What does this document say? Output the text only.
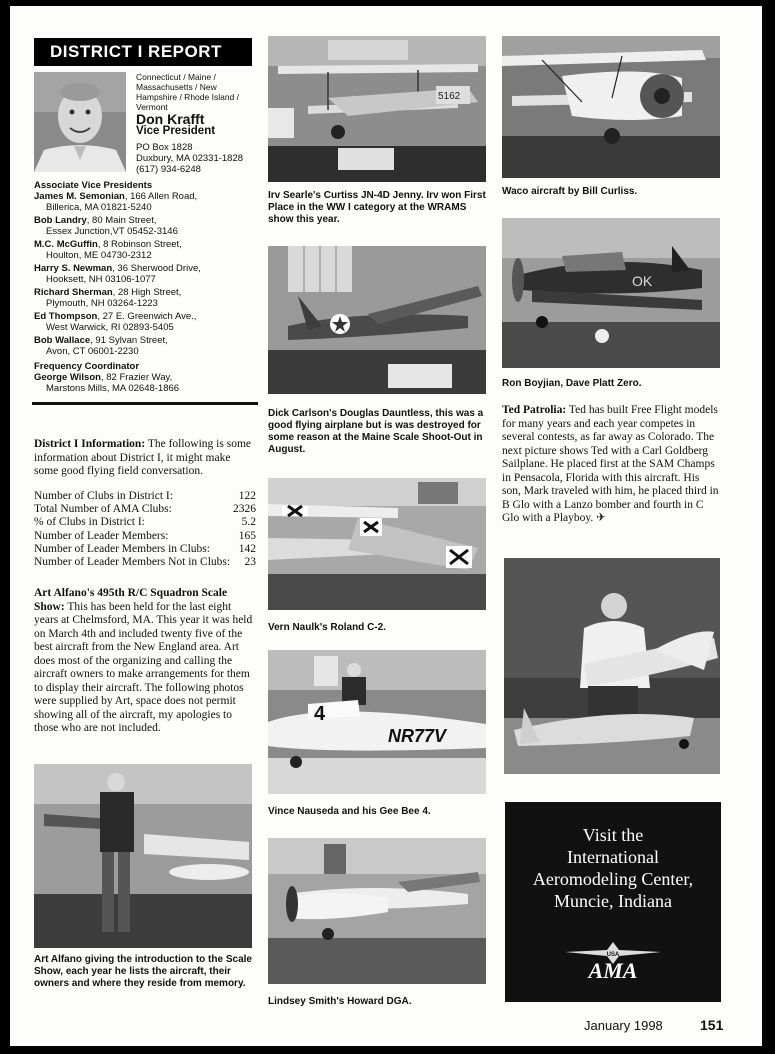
DISTRICT I REPORT
Connecticut / Maine / Massachusetts / New Hampshire / Rhode Island / Vermont
Don Krafft
Vice President
PO Box 1828
Duxbury, MA 02331-1828
(617) 934-6248
Associate Vice Presidents
James M. Semonian, 166 Allen Road,
Billerica, MA 01821-5240
Bob Landry, 80 Main Street,
Essex Junction,VT 05452-3146
M.C. McGuffin, 8 Robinson Street,
Houlton, ME 04730-2312
Harry S. Newman, 36 Sherwood Drive,
Hooksett, NH 03106-1077
Richard Sherman, 28 High Street,
Plymouth, NH 03264-1223
Ed Thompson, 27 E. Greenwich Ave.,
West Warwick, RI 02893-5405
Bob Wallace, 91 Sylvan Street,
Avon, CT 06001-2230
Frequency Coordinator
George Wilson, 82 Frazier Way,
Marstons Mills, MA 02648-1866

District I Information: The following is some information about District I, it might make some good flying field conversation.

Number of Clubs in District I:	122
Total Number of AMA Clubs:	2326
% of Clubs in District I:	5.2
Number of Leader Members:	165
Number of Leader Members in Clubs:	142
Number of Leader Members Not in Clubs: 23

Art Alfano's 495th R/C Squadron Scale Show: This has been held for the last eight years at Chelmsford, MA. This year it was held on March 4th and included twenty five of the best aircraft from the New England area. Art does most of the organizing and calling the aircraft owners to make arrangements for them to display their aircraft. The following photos were supplied by Art, space does not permit showing all of the aircraft, my apologies to those who are not included.

Art Alfano giving the introduction to the Scale Show, each year he lists the aircraft, their owners and where they reside from memory.
5162
Irv Searle's Curtiss JN-4D Jenny. Irv won First Place in the WW I category at the WRAMS show this year.
Dick Carlson's Douglas Dauntless, this was a good flying airplane but is was destroyed for some reason at the Maine Scale Shoot-Out in August.
Vern Naulk's Roland C-2.
4
NR77V
Vince Nauseda and his Gee Bee 4.
Lindsey Smith's Howard DGA.
Waco aircraft by Bill Curliss.
OK
Ron Boyjian, Dave Platt Zero.

Ted Patrolia: Ted has built Free Flight models for many years and each year competes in several contests, as far away as Colorado. The next picture shows Ted with a Carl Goldberg Sailplane. He placed first at the SAM Champs in Pensacola, Florida with this aircraft. His son, Mark traveled with him, he placed third in B Glo with a Lanzo bomber and fourth in C Glo with a Playboy. ✈

Visit the
International
Aeromodeling Center,
Muncie, Indiana
USA
AMA
January 1998	151
